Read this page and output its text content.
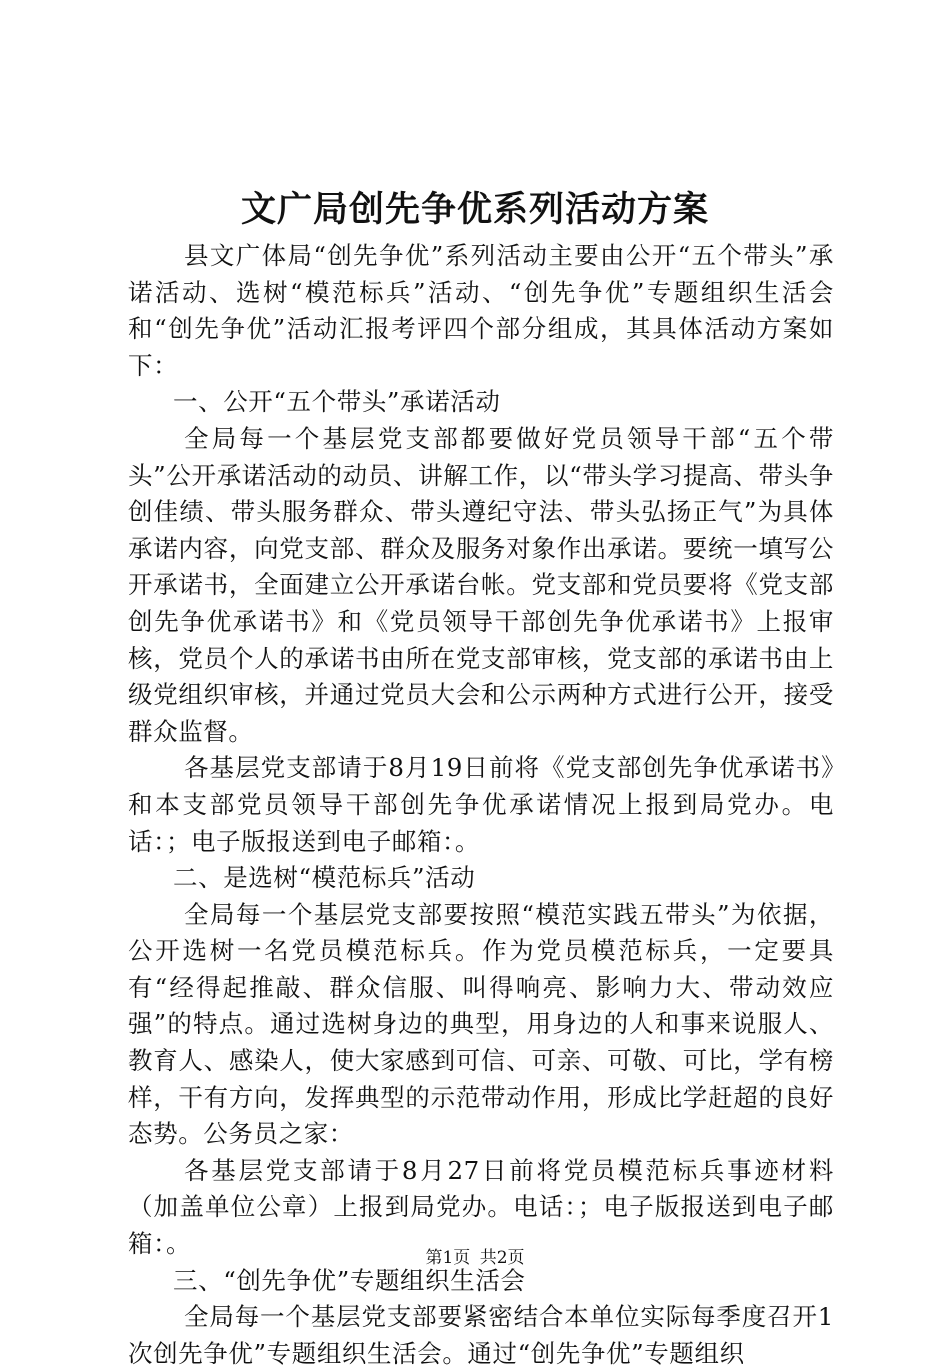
文广局创先争优系列活动方案

县文广体局“创先争优”系列活动主要由公开“五个带头”承诺活动、选树“模范标兵”活动、“创先争优”专题组织生活会和“创先争优”活动汇报考评四个部分组成，其具体活动方案如下：

一、公开“五个带头”承诺活动

全局每一个基层党支部都要做好党员领导干部“五个带头”公开承诺活动的动员、讲解工作，以“带头学习提高、带头争创佳绩、带头服务群众、带头遵纪守法、带头弘扬正气”为具体承诺内容，向党支部、群众及服务对象作出承诺。要统一填写公开承诺书，全面建立公开承诺台帐。党支部和党员要将《党支部创先争优承诺书》和《党员领导干部创先争优承诺书》上报审核，党员个人的承诺书由所在党支部审核，党支部的承诺书由上级党组织审核，并通过党员大会和公示两种方式进行公开，接受群众监督。

各基层党支部请于8月19日前将《党支部创先争优承诺书》和本支部党员领导干部创先争优承诺情况上报到局党办。电话：；电子版报送到电子邮箱：。

二、是选树“模范标兵”活动

全局每一个基层党支部要按照“模范实践五带头”为依据，公开选树一名党员模范标兵。作为党员模范标兵，一定要具有“经得起推敲、群众信服、叫得响亮、影响力大、带动效应强”的特点。通过选树身边的典型，用身边的人和事来说服人、教育人、感染人，使大家感到可信、可亲、可敬、可比，学有榜样，干有方向，发挥典型的示范带动作用，形成比学赶超的良好态势。公务员之家：

各基层党支部请于8月27日前将党员模范标兵事迹材料（加盖单位公章）上报到局党办。电话：；电子版报送到电子邮箱：。

三、“创先争优”专题组织生活会

全局每一个基层党支部要紧密结合本单位实际每季度召开1次创先争优”专题组织生活会。通过“创先争优”专题组织

第1页 共2页
